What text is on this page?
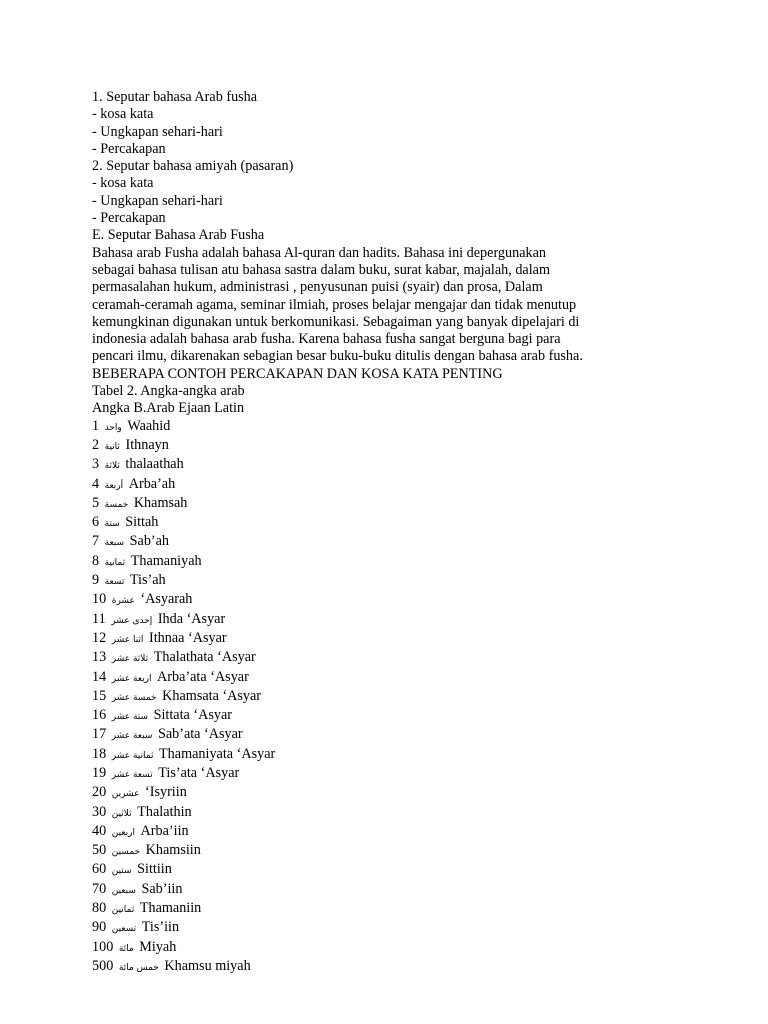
1. Seputar bahasa Arab fusha
- kosa kata
- Ungkapan sehari-hari
- Percakapan
2. Seputar bahasa amiyah (pasaran)
- kosa kata
- Ungkapan sehari-hari
- Percakapan
E. Seputar Bahasa Arab Fusha
Bahasa arab Fusha adalah bahasa Al-quran dan hadits. Bahasa ini depergunakan
sebagai bahasa tulisan atu bahasa sastra dalam buku, surat kabar, majalah, dalam
permasalahan hukum, administrasi , penyusunan puisi (syair) dan prosa, Dalam
ceramah-ceramah agama, seminar ilmiah, proses belajar mengajar dan tidak menutup
kemungkinan digunakan untuk berkomunikasi. Sebagaiman yang banyak dipelajari di
indonesia adalah bahasa arab fusha. Karena bahasa fusha sangat berguna bagi para
pencari ilmu, dikarenakan sebagian besar buku-buku ditulis dengan bahasa arab fusha.
BEBERAPA CONTOH PERCAKAPAN DAN KOSA KATA PENTING
Tabel 2. Angka-angka arab
Angka B.Arab Ejaan Latin
1 واحد Waahid
2 ثانية Ithnayn
3 ثلاثة thalaathah
4 أربعة Arba’ah
5 خمسة Khamsah
6 ستة Sittah
7 سبعة Sab’ah
8 ثمانية Thamaniyah
9 تسعة Tis’ah
10 عشرة ‘Asyarah
11 إحدى عشر Ihda ‘Asyar
12 اثنا عشر Ithnaa ‘Asyar
13 ثلاثة عشر Thalathata ‘Asyar
14 اربعة عشر Arba’ata ‘Asyar
15 خمسة عشر Khamsata ‘Asyar
16 ستة عشر Sittata ‘Asyar
17 سبعة عشر Sab’ata ‘Asyar
18 ثمانية عشر Thamaniyata ‘Asyar
19 تسعة عشر Tis’ata ‘Asyar
20 عشرين ‘Isyriin
30 ثلاثين Thalathin
40 اربعين Arba’iin
50 خمسين Khamsiin
60 ستين Sittiin
70 سبعين Sab’iin
80 ثمانين Thamaniin
90 تسعين Tis’iin
100 مائة Miyah
500 خمس مائة Khamsu miyah
